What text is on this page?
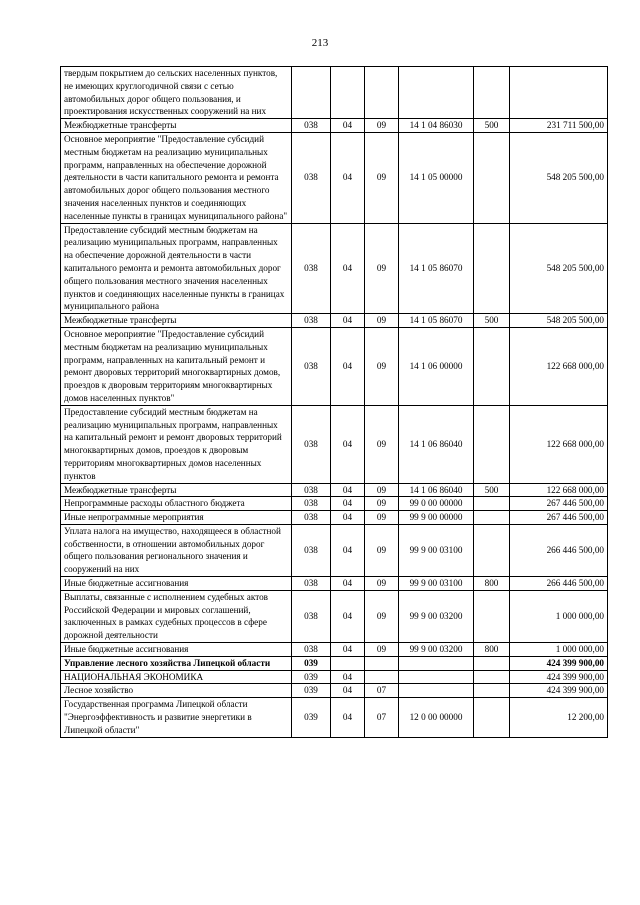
213
твердым покрытием до сельских населенных пунктов, не имеющих круглогодичной связи с сетью автомобильных дорог общего пользования, и проектирования искусственных сооружений на них						
Межбюджетные трансферты	038	04	09	14 1 04 86030	500	231 711 500,00
Основное мероприятие "Предоставление субсидий местным бюджетам на реализацию муниципальных программ, направленных на обеспечение дорожной деятельности в части капитального ремонта и ремонта автомобильных дорог общего пользования местного значения населенных пунктов и соединяющих населенные пункты в границах муниципального района"	038	04	09	14 1 05 00000		548 205 500,00
Предоставление субсидий местным бюджетам на реализацию муниципальных программ, направленных на обеспечение дорожной деятельности в части капитального ремонта и ремонта автомобильных дорог общего пользования местного значения населенных пунктов и соединяющих населенные пункты в границах муниципального района	038	04	09	14 1 05 86070		548 205 500,00
Межбюджетные трансферты	038	04	09	14 1 05 86070	500	548 205 500,00
Основное мероприятие "Предоставление субсидий местным бюджетам на реализацию муниципальных программ, направленных на капитальный ремонт и ремонт дворовых территорий многоквартирных домов, проездов к дворовым территориям многоквартирных домов населенных пунктов"	038	04	09	14 1 06 00000		122 668 000,00
Предоставление субсидий местным бюджетам на реализацию муниципальных программ, направленных на капитальный ремонт и ремонт дворовых территорий многоквартирных домов, проездов к дворовым территориям многоквартирных домов населенных пунктов	038	04	09	14 1 06 86040		122 668 000,00
Межбюджетные трансферты	038	04	09	14 1 06 86040	500	122 668 000,00
Непрограммные расходы областного бюджета	038	04	09	99 0 00 00000		267 446 500,00
Иные непрограммные мероприятия	038	04	09	99 9 00 00000		267 446 500,00
Уплата налога на имущество, находящееся в областной собственности, в отношении автомобильных дорог общего пользования регионального значения и сооружений на них	038	04	09	99 9 00 03100		266 446 500,00
Иные бюджетные ассигнования	038	04	09	99 9 00 03100	800	266 446 500,00
Выплаты, связанные с исполнением судебных актов Российской Федерации и мировых соглашений, заключенных в рамках судебных процессов в сфере дорожной деятельности	038	04	09	99 9 00 03200		1 000 000,00
Иные бюджетные ассигнования	038	04	09	99 9 00 03200	800	1 000 000,00
Управление лесного хозяйства Липецкой области	039					424 399 900,00
НАЦИОНАЛЬНАЯ ЭКОНОМИКА	039	04				424 399 900,00
Лесное хозяйство	039	04	07			424 399 900,00
Государственная программа Липецкой области "Энергоэффективность и развитие энергетики в Липецкой области"	039	04	07	12 0 00 00000		12 200,00
